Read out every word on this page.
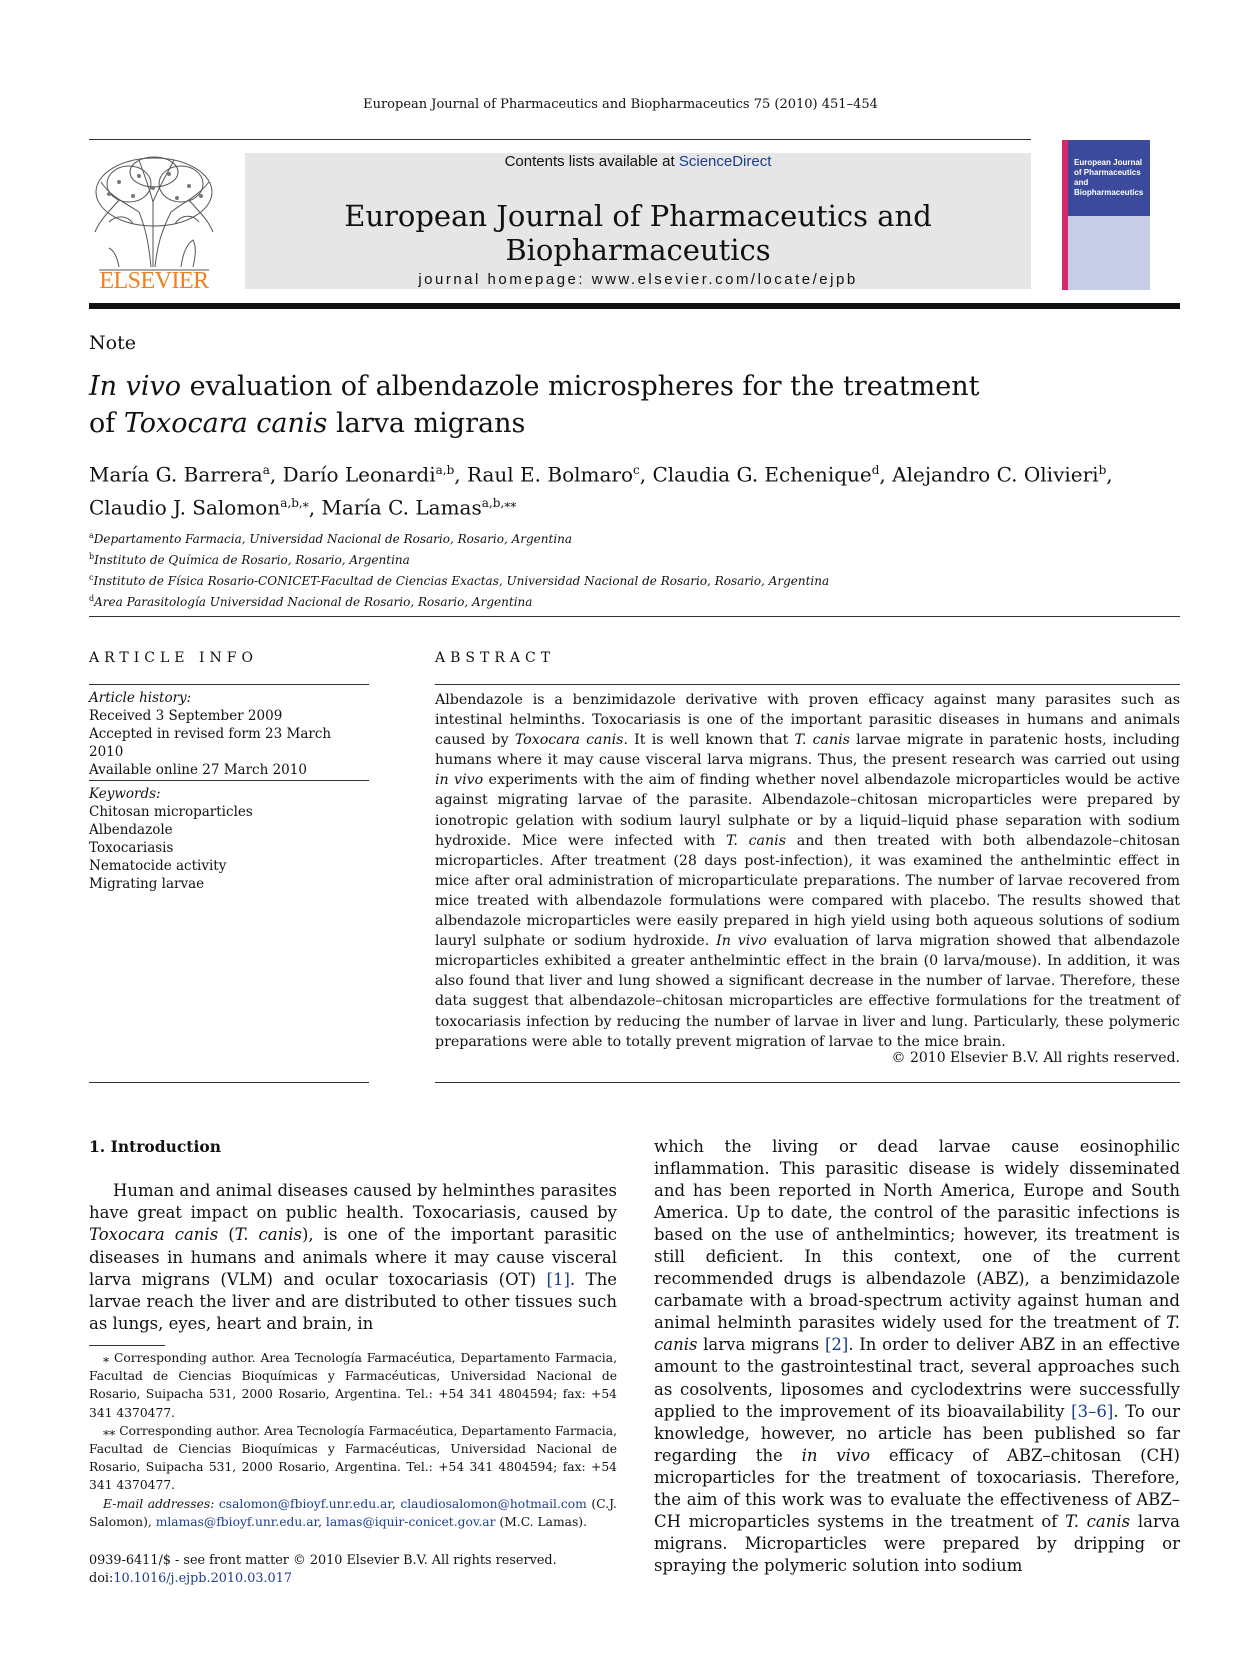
European Journal of Pharmaceutics and Biopharmaceutics 75 (2010) 451–454
ELSEVIER
Contents lists available at ScienceDirect
European Journal of Pharmaceutics and Biopharmaceutics
journal homepage: www.elsevier.com/locate/ejpb
European Journal of Pharmaceutics and Biopharmaceutics
Note
In vivo evaluation of albendazole microspheres for the treatment
of Toxocara canis larva migrans
María G. Barrera$^a$, Darío Leonardi$^{a,b}$, Raul E. Bolmaro$^c$, Claudia G. Echenique$^d$, Alejandro C. Olivieri$^b$,
Claudio J. Salomon$^{a,b,⁎}$, María C. Lamas$^{a,b,⁎⁎}$
$^a$Departamento Farmacia, Universidad Nacional de Rosario, Rosario, Argentina
$^b$Instituto de Química de Rosario, Rosario, Argentina
$^c$Instituto de Física Rosario-CONICET-Facultad de Ciencias Exactas, Universidad Nacional de Rosario, Rosario, Argentina
$^d$Area Parasitología Universidad Nacional de Rosario, Rosario, Argentina
ARTICLE INFO	ABSTRACT
Article history:
Received 3 September 2009
Accepted in revised form 23 March 2010
Available online 27 March 2010
Keywords:
Chitosan microparticles
Albendazole
Toxocariasis
Nematocide activity
Migrating larvae
Albendazole is a benzimidazole derivative with proven efficacy against many parasites such as intestinal helminths. Toxocariasis is one of the important parasitic diseases in humans and animals caused by Toxocara canis. It is well known that T. canis larvae migrate in paratenic hosts, including humans where it may cause visceral larva migrans. Thus, the present research was carried out using in vivo experiments with the aim of finding whether novel albendazole microparticles would be active against migrating larvae of the parasite. Albendazole–chitosan microparticles were prepared by ionotropic gelation with sodium lauryl sulphate or by a liquid–liquid phase separation with sodium hydroxide. Mice were infected with T. canis and then treated with both albendazole–chitosan microparticles. After treatment (28 days post-infection), it was examined the anthelmintic effect in mice after oral administration of microparticulate preparations. The number of larvae recovered from mice treated with albendazole formulations were compared with placebo. The results showed that albendazole microparticles were easily prepared in high yield using both aqueous solutions of sodium lauryl sulphate or sodium hydroxide. In vivo evaluation of larva migration showed that albendazole microparticles exhibited a greater anthelmintic effect in the brain (0 larva/mouse). In addition, it was also found that liver and lung showed a significant decrease in the number of larvae. Therefore, these data suggest that albendazole–chitosan microparticles are effective formulations for the treatment of toxocariasis infection by reducing the number of larvae in liver and lung. Particularly, these polymeric preparations were able to totally prevent migration of larvae to the mice brain.
© 2010 Elsevier B.V. All rights reserved.
1. Introduction

Human and animal diseases caused by helminthes parasites have great impact on public health. Toxocariasis, caused by Toxocara canis (T. canis), is one of the important parasitic diseases in humans and animals where it may cause visceral larva migrans (VLM) and ocular toxocariasis (OT) [1]. The larvae reach the liver and are distributed to other tissues such as lungs, eyes, heart and brain, in

which the living or dead larvae cause eosinophilic inflammation. This parasitic disease is widely disseminated and has been reported in North America, Europe and South America. Up to date, the control of the parasitic infections is based on the use of anthelmintics; however, its treatment is still deficient. In this context, one of the current recommended drugs is albendazole (ABZ), a benzimidazole carbamate with a broad-spectrum activity against human and animal helminth parasites widely used for the treatment of T. canis larva migrans [2]. In order to deliver ABZ in an effective amount to the gastrointestinal tract, several approaches such as cosolvents, liposomes and cyclodextrins were successfully applied to the improvement of its bioavailability [3–6]. To our knowledge, however, no article has been published so far regarding the in vivo efficacy of ABZ–chitosan (CH) microparticles for the treatment of toxocariasis. Therefore, the aim of this work was to evaluate the effectiveness of ABZ–CH microparticles systems in the treatment of T. canis larva migrans. Microparticles were prepared by dripping or spraying the polymeric solution into sodium

⁎ Corresponding author. Area Tecnología Farmacéutica, Departamento Farmacia, Facultad de Ciencias Bioquímicas y Farmacéuticas, Universidad Nacional de Rosario, Suipacha 531, 2000 Rosario, Argentina. Tel.: +54 341 4804594; fax: +54 341 4370477.

⁎⁎ Corresponding author. Area Tecnología Farmacéutica, Departamento Farmacia, Facultad de Ciencias Bioquímicas y Farmacéuticas, Universidad Nacional de Rosario, Suipacha 531, 2000 Rosario, Argentina. Tel.: +54 341 4804594; fax: +54 341 4370477.

E-mail addresses: csalomon@fbioyf.unr.edu.ar, claudiosalomon@hotmail.com (C.J. Salomon), mlamas@fbioyf.unr.edu.ar, lamas@iquir-conicet.gov.ar (M.C. Lamas).

0939-6411/$ - see front matter © 2010 Elsevier B.V. All rights reserved.
doi:10.1016/j.ejpb.2010.03.017
